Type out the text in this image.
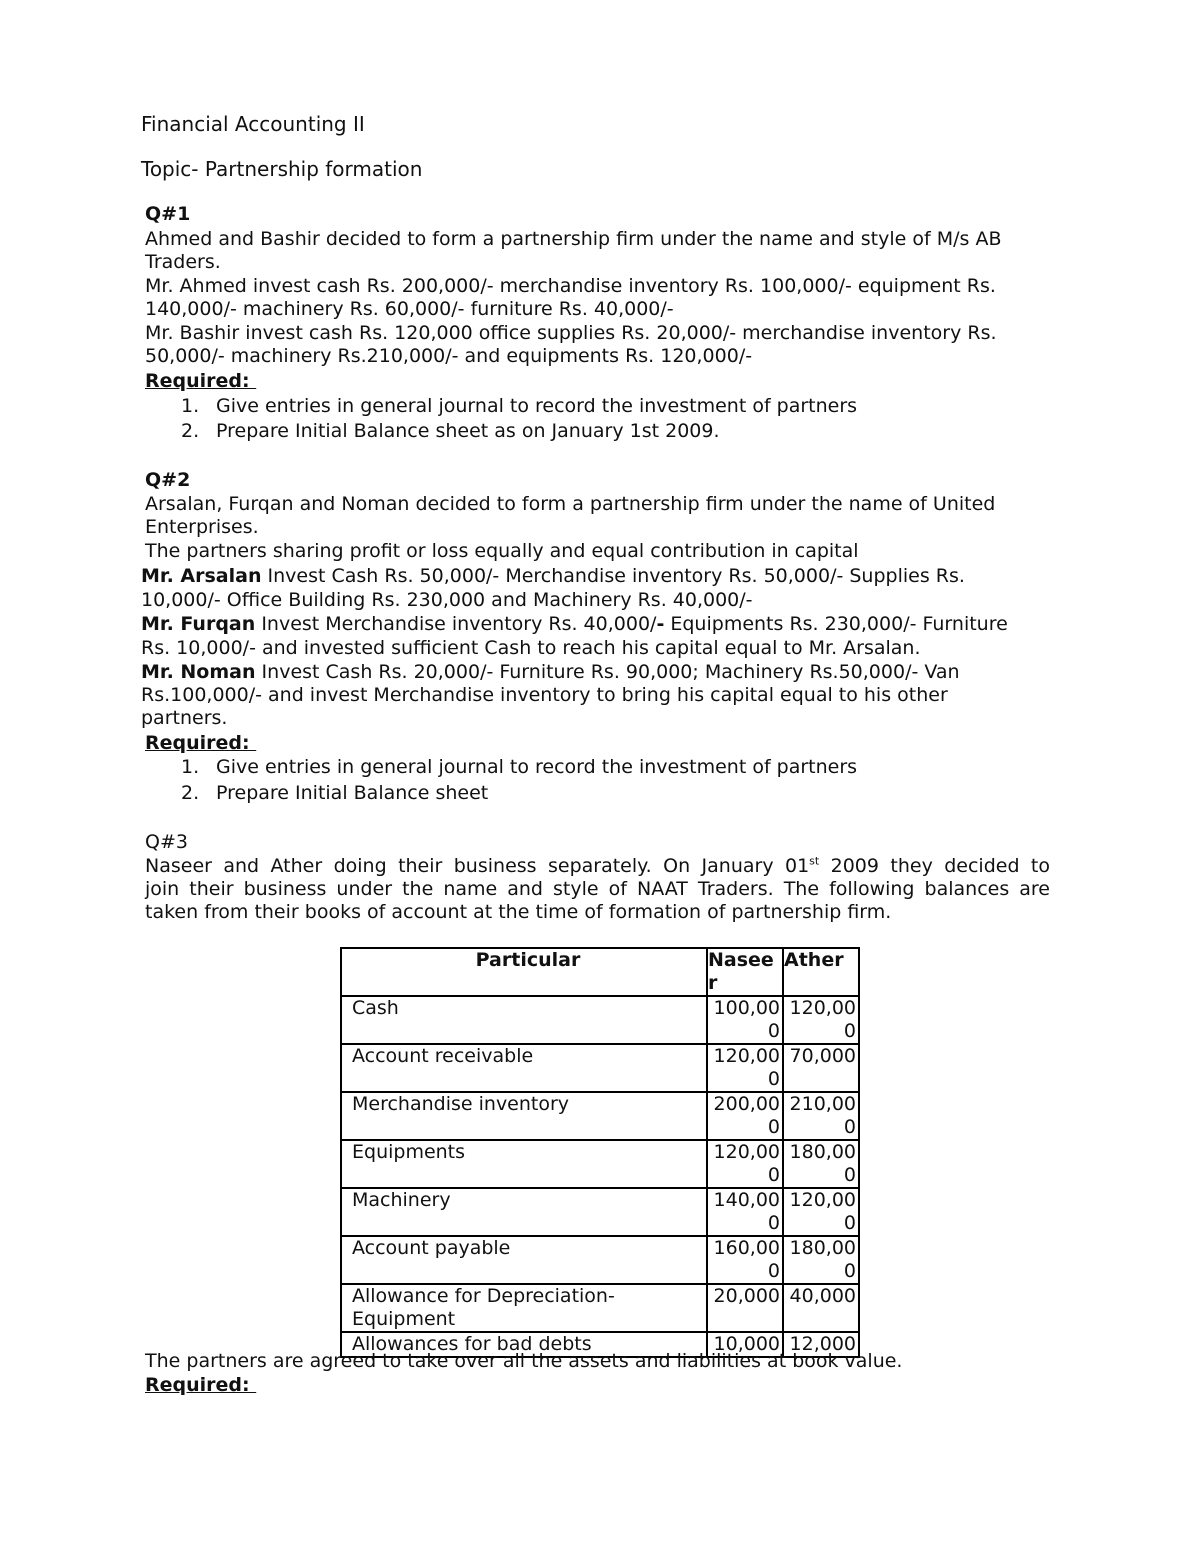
Financial Accounting II
Topic- Partnership formation
Q#1
Ahmed and Bashir decided to form a partnership firm under the name and style of M/s AB
Traders.
Mr. Ahmed invest cash Rs. 200,000/- merchandise inventory Rs. 100,000/- equipment Rs.
140,000/- machinery Rs. 60,000/- furniture Rs. 40,000/-
Mr. Bashir invest cash Rs. 120,000 office supplies Rs. 20,000/- merchandise inventory Rs.
50,000/- machinery Rs.210,000/- and equipments Rs. 120,000/-
Required:
1. Give entries in general journal to record the investment of partners
2. Prepare Initial Balance sheet as on January 1st 2009.
Q#2
Arsalan, Furqan and Noman decided to form a partnership firm under the name of United
Enterprises.
The partners sharing profit or loss equally and equal contribution in capital
Mr. Arsalan Invest Cash Rs. 50,000/- Merchandise inventory Rs. 50,000/- Supplies Rs.
10,000/- Office Building Rs. 230,000 and Machinery Rs. 40,000/-
Mr. Furqan Invest Merchandise inventory Rs. 40,000/- Equipments Rs. 230,000/- Furniture
Rs. 10,000/- and invested sufficient Cash to reach his capital equal to Mr. Arsalan.
Mr. Noman Invest Cash Rs. 20,000/- Furniture Rs. 90,000; Machinery Rs.50,000/- Van
Rs.100,000/- and invest Merchandise inventory to bring his capital equal to his other
partners.
Required:
1. Give entries in general journal to record the investment of partners
2. Prepare Initial Balance sheet
Q#3
Naseer and Ather doing their business separately. On January 01st 2009 they decided to
join their business under the name and style of NAAT Traders. The following balances are
taken from their books of account at the time of formation of partnership firm.
Particular	Naseer	Ather
Cash	100,000	120,000
Account receivable	120,000	70,000
Merchandise inventory	200,000	210,000
Equipments	120,000	180,000
Machinery	140,000	120,000
Account payable	160,000	180,000
Allowance for Depreciation-Equipment	20,000	40,000
Allowances for bad debts	10,000	12,000
The partners are agreed to take over all the assets and liabilities at book value.
Required:
